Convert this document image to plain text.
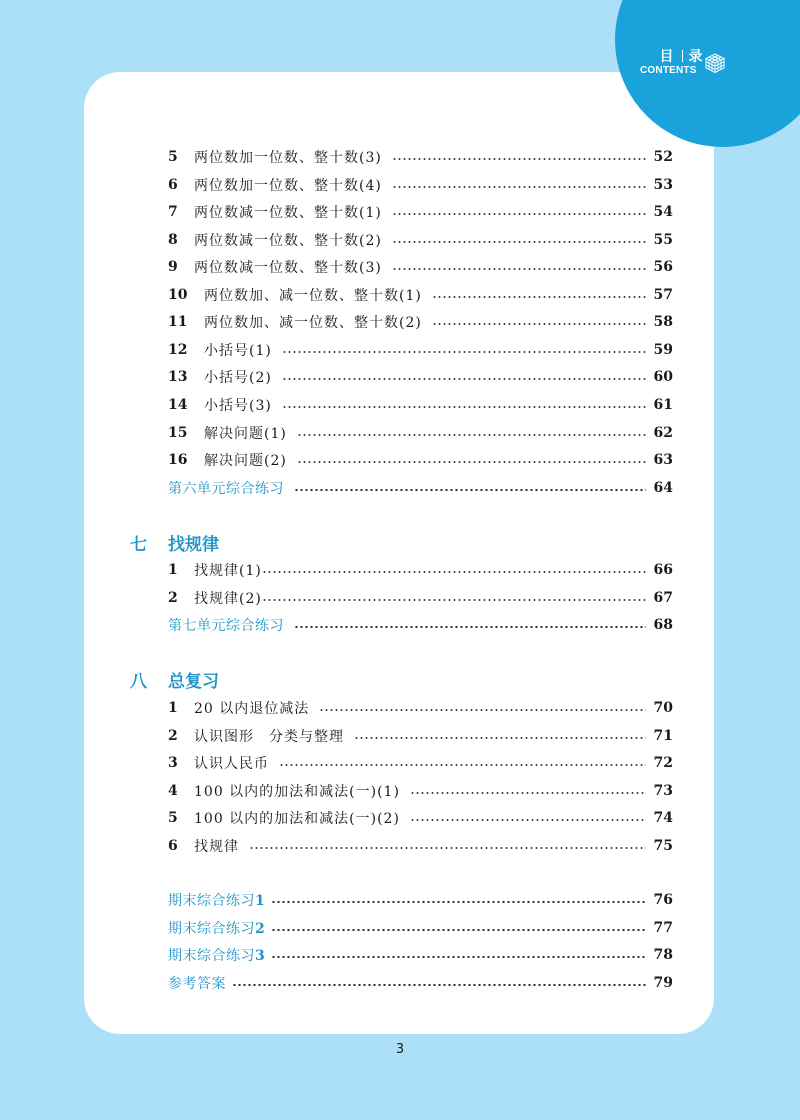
目 录
CONTENTS
5	两位数加一位数、整十数(3)	52
6	两位数加一位数、整十数(4)	53
7	两位数减一位数、整十数(1)	54
8	两位数减一位数、整十数(2)	55
9	两位数减一位数、整十数(3)	56
10	两位数加、减一位数、整十数(1)	57
11	两位数加、减一位数、整十数(2)	58
12	小括号(1)	59
13	小括号(2)	60
14	小括号(3)	61
15	解决问题(1)	62
16	解决问题(2)	63
第六单元综合练习	64
七	找规律
1	找规律(1)	66
2	找规律(2)	67
第七单元综合练习	68
八	总复习
1	20 以内退位减法	70
2	认识图形　分类与整理	71
3	认识人民币	72
4	100 以内的加法和减法(一)(1)	73
5	100 以内的加法和减法(一)(2)	74
6	找规律	75
期末综合练习1	76
期末综合练习2	77
期末综合练习3	78
参考答案	79
3
